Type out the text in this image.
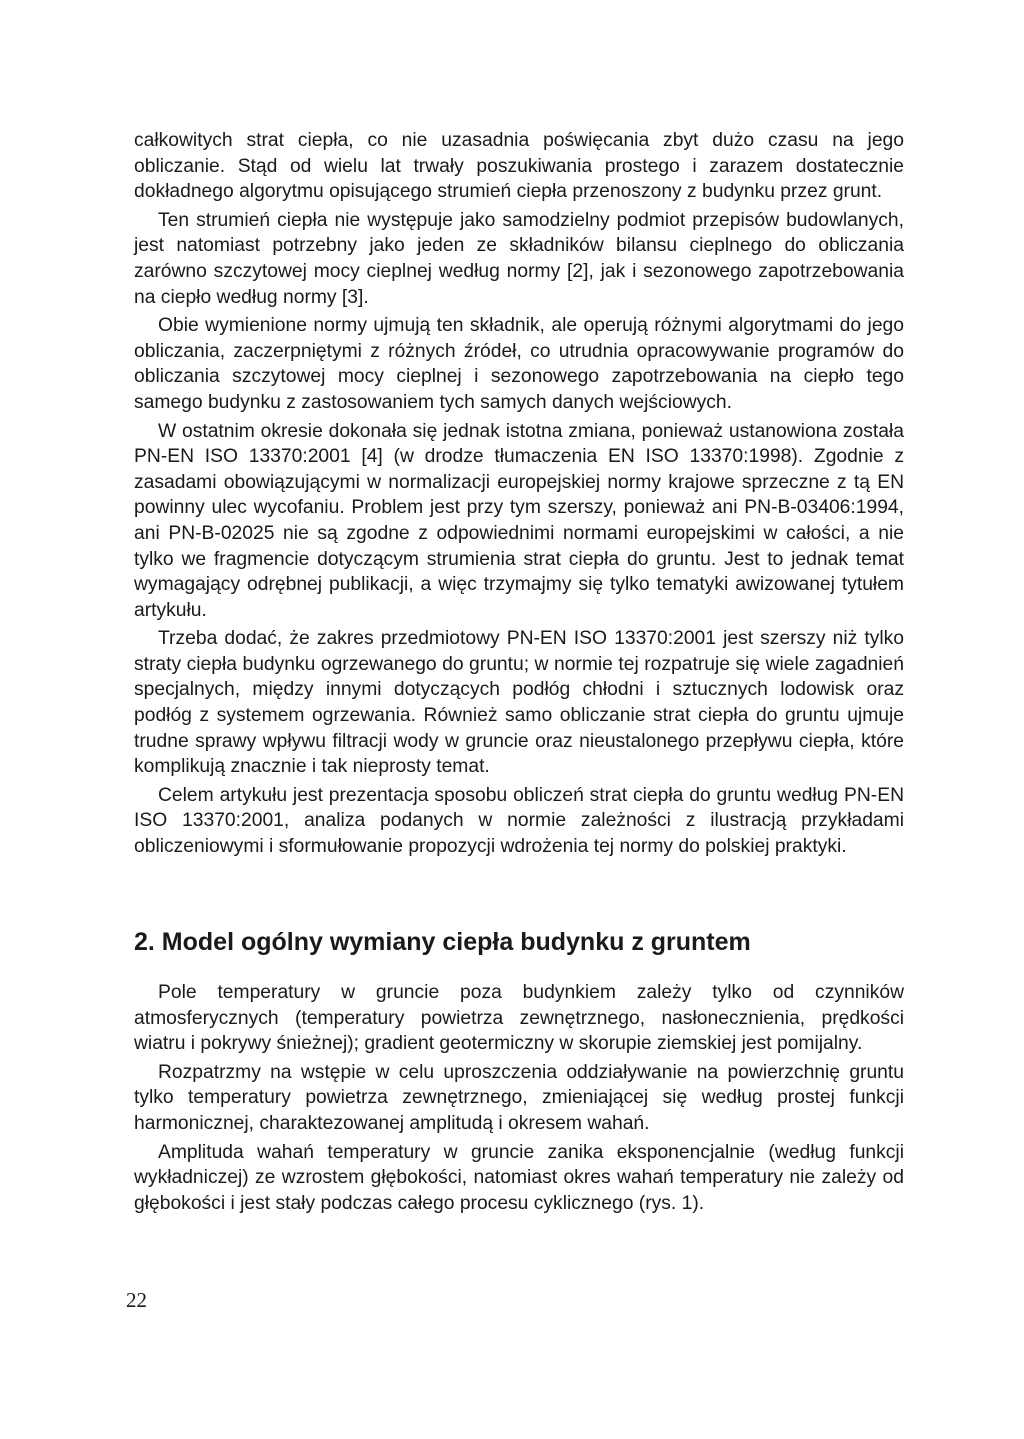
całkowitych strat ciepła, co nie uzasadnia poświęcania zbyt dużo czasu na jego obliczanie. Stąd od wielu lat trwały poszukiwania prostego i zarazem dostatecznie dokładnego algorytmu opisującego strumień ciepła przenoszony z budynku przez grunt.

Ten strumień ciepła nie występuje jako samodzielny podmiot przepisów budowlanych, jest natomiast potrzebny jako jeden ze składników bilansu cieplnego do obliczania zarówno szczytowej mocy cieplnej według normy [2], jak i sezonowego zapotrzebowania na ciepło według normy [3].

Obie wymienione normy ujmują ten składnik, ale operują różnymi algorytmami do jego obliczania, zaczerpniętymi z różnych źródeł, co utrudnia opracowywanie programów do obliczania szczytowej mocy cieplnej i sezonowego zapotrzebowania na ciepło tego samego budynku z zastosowaniem tych samych danych wejściowych.

W ostatnim okresie dokonała się jednak istotna zmiana, ponieważ ustanowiona została PN-EN ISO 13370:2001 [4] (w drodze tłumaczenia EN ISO 13370:1998). Zgodnie z zasadami obowiązującymi w normalizacji europejskiej normy krajowe sprzeczne z tą EN powinny ulec wycofaniu. Problem jest przy tym szerszy, ponieważ ani PN-B-03406:1994, ani PN-B-02025 nie są zgodne z odpowiednimi normami europejskimi w całości, a nie tylko we fragmencie dotyczącym strumienia strat ciepła do gruntu. Jest to jednak temat wymagający odrębnej publikacji, a więc trzymajmy się tylko tematyki awizowanej tytułem artykułu.

Trzeba dodać, że zakres przedmiotowy PN-EN ISO 13370:2001 jest szerszy niż tylko straty ciepła budynku ogrzewanego do gruntu; w normie tej rozpatruje się wiele zagadnień specjalnych, między innymi dotyczących podłóg chłodni i sztucznych lodowisk oraz podłóg z systemem ogrzewania. Również samo obliczanie strat ciepła do gruntu ujmuje trudne sprawy wpływu filtracji wody w gruncie oraz nieustalonego przepływu ciepła, które komplikują znacznie i tak nieprosty temat.

Celem artykułu jest prezentacja sposobu obliczeń strat ciepła do gruntu według PN-EN ISO 13370:2001, analiza podanych w normie zależności z ilustracją przykładami obliczeniowymi i sformułowanie propozycji wdrożenia tej normy do polskiej praktyki.

2. Model ogólny wymiany ciepła budynku z gruntem

Pole temperatury w gruncie poza budynkiem zależy tylko od czynników atmosferycznych (temperatury powietrza zewnętrznego, nasłonecznienia, prędkości wiatru i pokrywy śnieżnej); gradient geotermiczny w skorupie ziemskiej jest pomijalny.

Rozpatrzmy na wstępie w celu uproszczenia oddziaływanie na powierzchnię gruntu tylko temperatury powietrza zewnętrznego, zmieniającej się według prostej funkcji harmonicznej, charaktezowanej amplitudą i okresem wahań.

Amplituda wahań temperatury w gruncie zanika eksponencjalnie (według funkcji wykładniczej) ze wzrostem głębokości, natomiast okres wahań temperatury nie zależy od głębokości i jest stały podczas całego procesu cyklicznego (rys. 1).

22
